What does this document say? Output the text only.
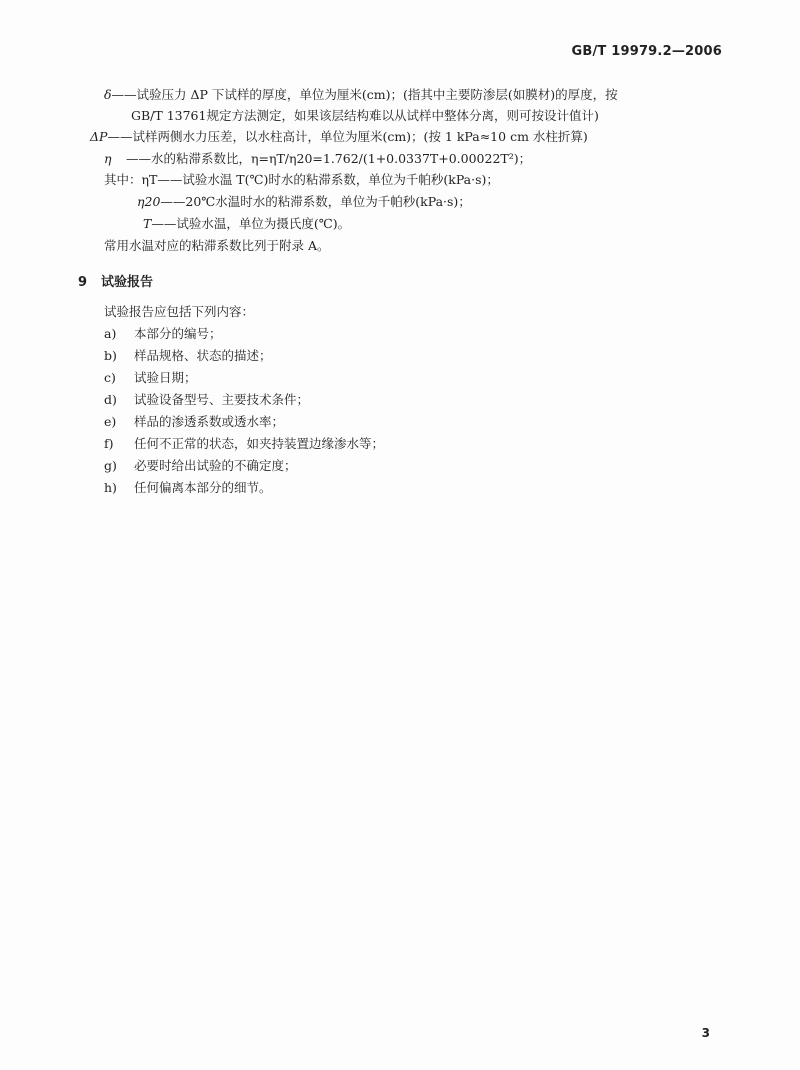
GB/T 19979.2—2006
δ——试验压力 ΔP 下试样的厚度，单位为厘米(cm)；(指其中主要防渗层(如膜材)的厚度，按
GB/T 13761规定方法测定，如果该层结构难以从试样中整体分离，则可按设计值计)
ΔP——试样两侧水力压差，以水柱高计，单位为厘米(cm)；(按 1 kPa≈10 cm 水柱折算)
η ——水的粘滞系数比，η=ηT/η20=1.762/(1+0.0337T+0.00022T²)；
其中：ηT——试验水温 T(℃)时水的粘滞系数，单位为千帕秒(kPa·s)；
η20——20℃水温时水的粘滞系数，单位为千帕秒(kPa·s)；
T——试验水温，单位为摄氏度(℃)。
常用水温对应的粘滞系数比列于附录 A。
9 试验报告
试验报告应包括下列内容：
a) 本部分的编号；
b) 样品规格、状态的描述；
c) 试验日期；
d) 试验设备型号、主要技术条件；
e) 样品的渗透系数或透水率；
f) 任何不正常的状态，如夹持装置边缘渗水等；
g) 必要时给出试验的不确定度；
h) 任何偏离本部分的细节。
3
